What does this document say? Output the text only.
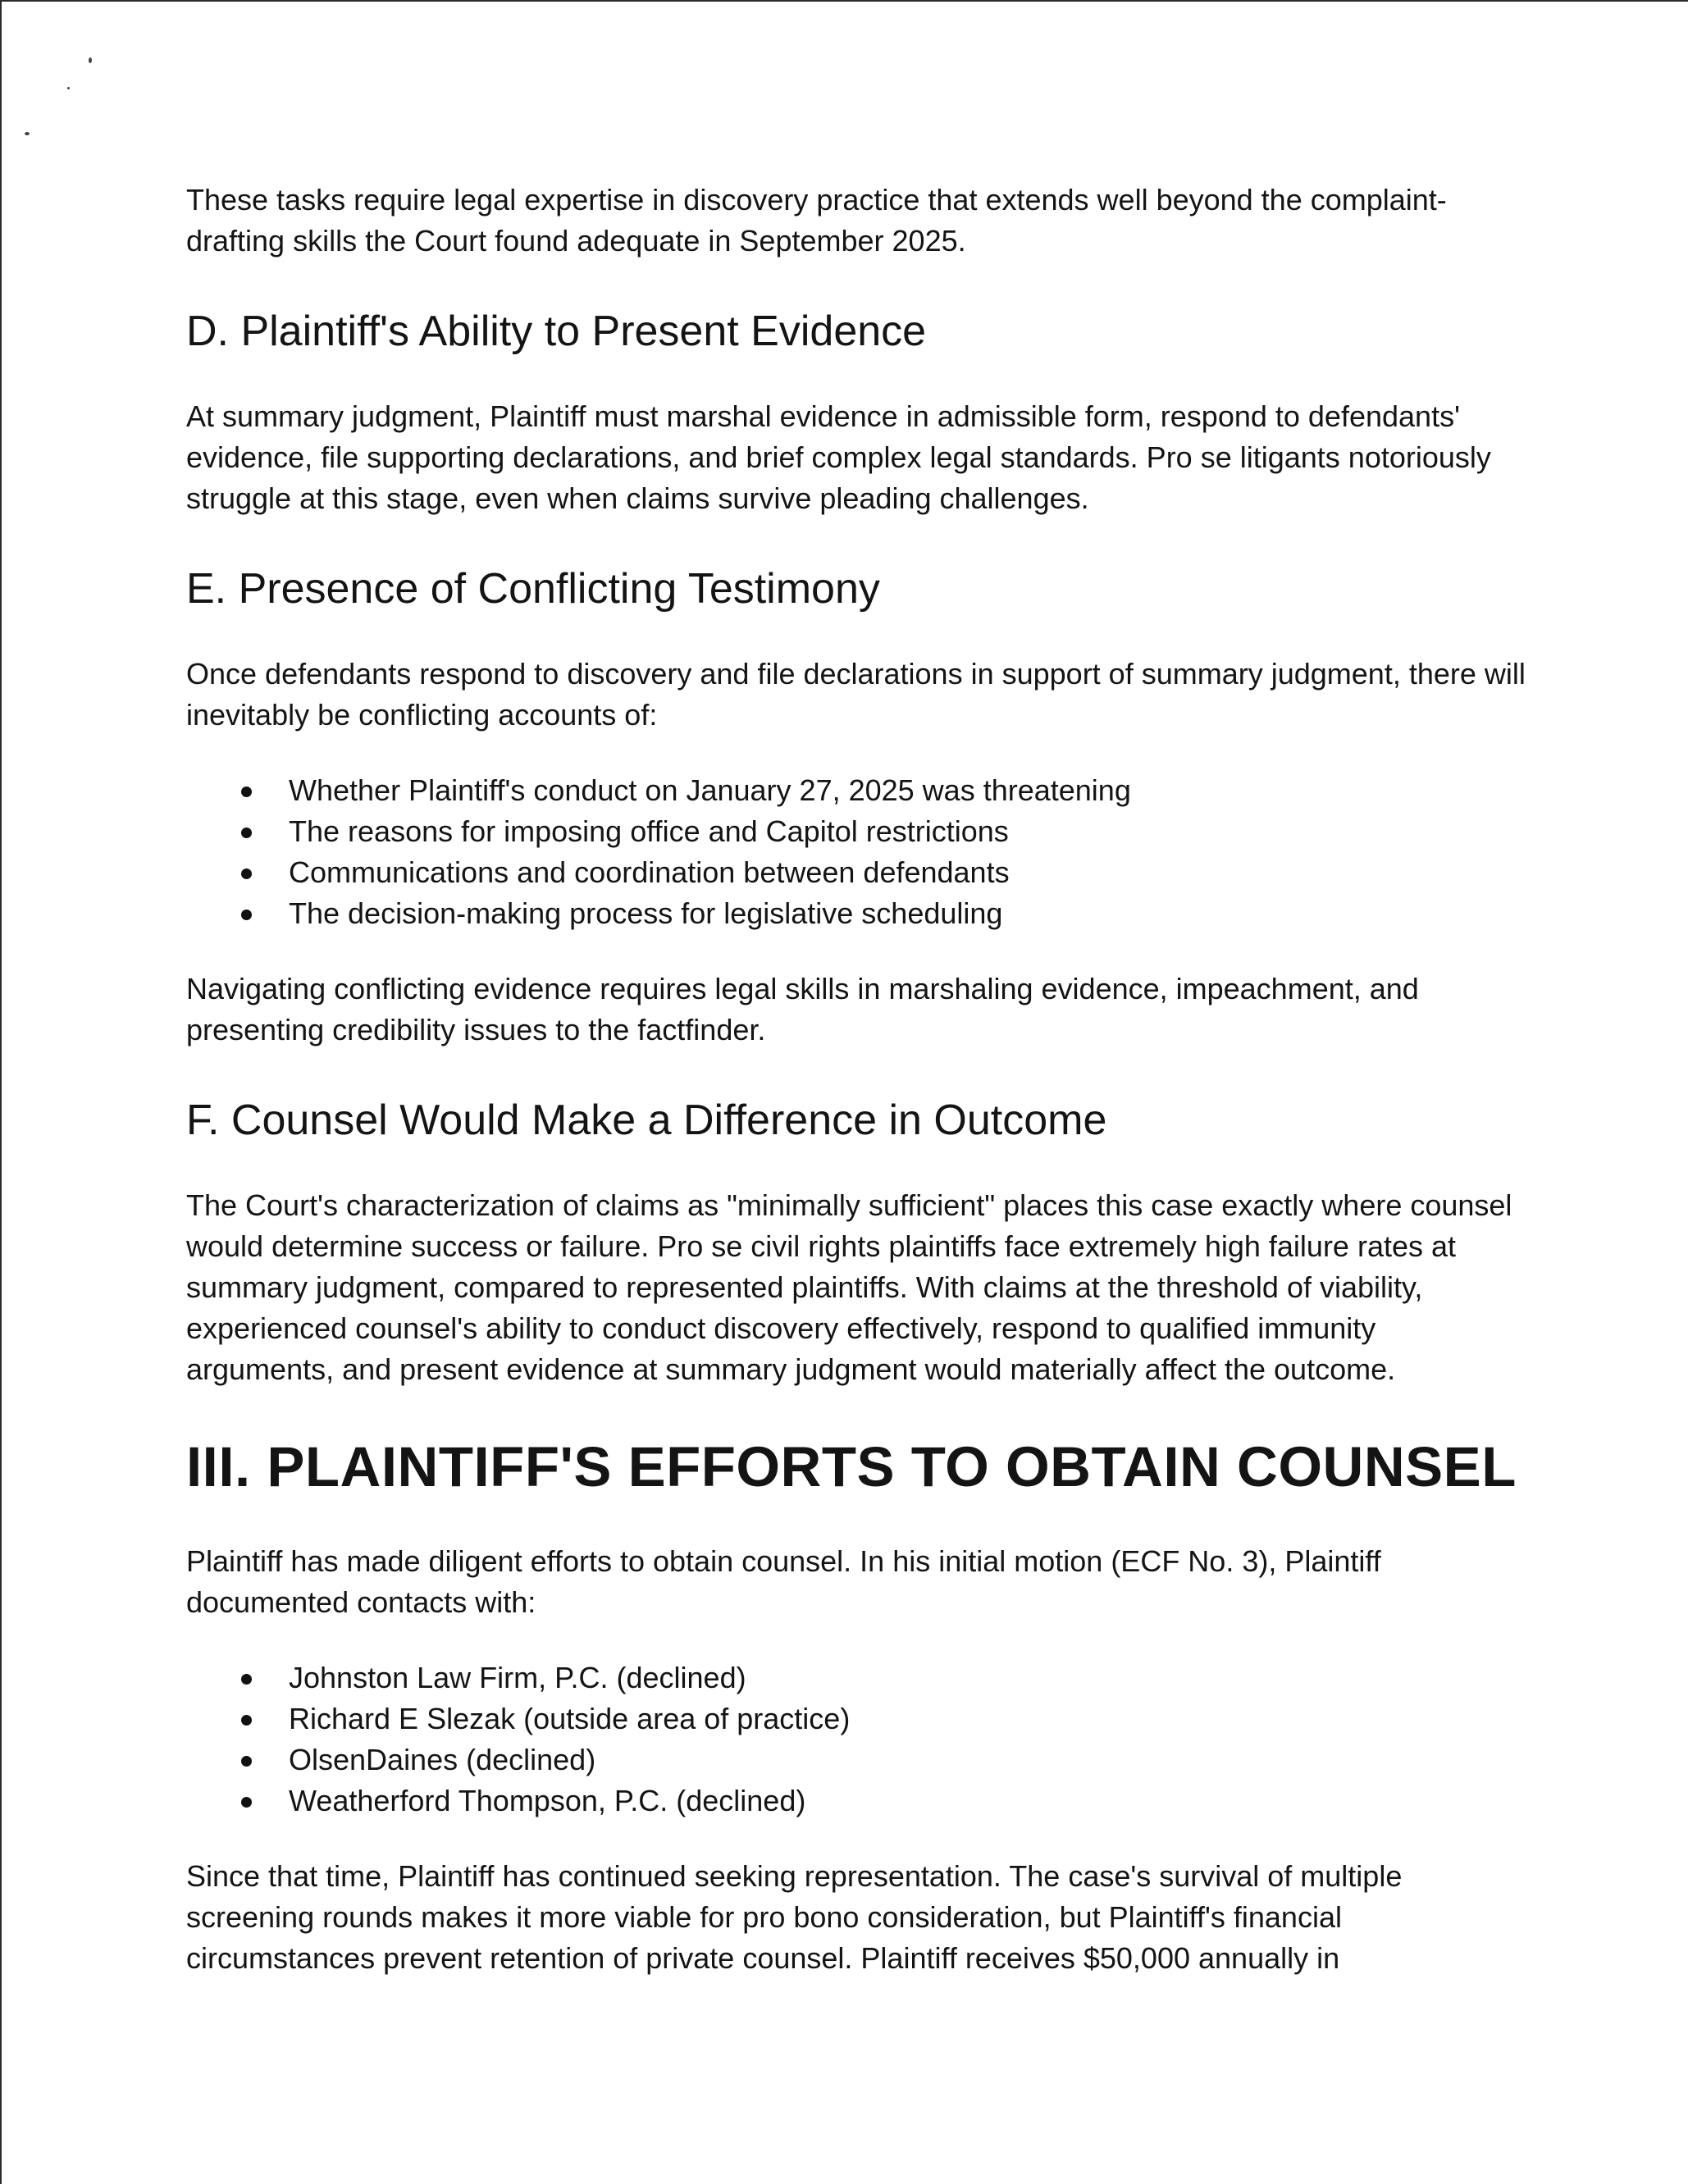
These tasks require legal expertise in discovery practice that extends well beyond the complaint-drafting skills the Court found adequate in September 2025.

D. Plaintiff's Ability to Present Evidence

At summary judgment, Plaintiff must marshal evidence in admissible form, respond to defendants' evidence, file supporting declarations, and brief complex legal standards. Pro se litigants notoriously struggle at this stage, even when claims survive pleading challenges.

E. Presence of Conflicting Testimony

Once defendants respond to discovery and file declarations in support of summary judgment, there will inevitably be conflicting accounts of:

Whether Plaintiff's conduct on January 27, 2025 was threatening
The reasons for imposing office and Capitol restrictions
Communications and coordination between defendants
The decision-making process for legislative scheduling

Navigating conflicting evidence requires legal skills in marshaling evidence, impeachment, and presenting credibility issues to the factfinder.

F. Counsel Would Make a Difference in Outcome

The Court's characterization of claims as "minimally sufficient" places this case exactly where counsel would determine success or failure. Pro se civil rights plaintiffs face extremely high failure rates at summary judgment, compared to represented plaintiffs. With claims at the threshold of viability, experienced counsel's ability to conduct discovery effectively, respond to qualified immunity arguments, and present evidence at summary judgment would materially affect the outcome.

III. PLAINTIFF'S EFFORTS TO OBTAIN COUNSEL

Plaintiff has made diligent efforts to obtain counsel. In his initial motion (ECF No. 3), Plaintiff documented contacts with:

Johnston Law Firm, P.C. (declined)
Richard E Slezak (outside area of practice)
OlsenDaines (declined)
Weatherford Thompson, P.C. (declined)

Since that time, Plaintiff has continued seeking representation. The case's survival of multiple screening rounds makes it more viable for pro bono consideration, but Plaintiff's financial circumstances prevent retention of private counsel. Plaintiff receives $50,000 annually in
